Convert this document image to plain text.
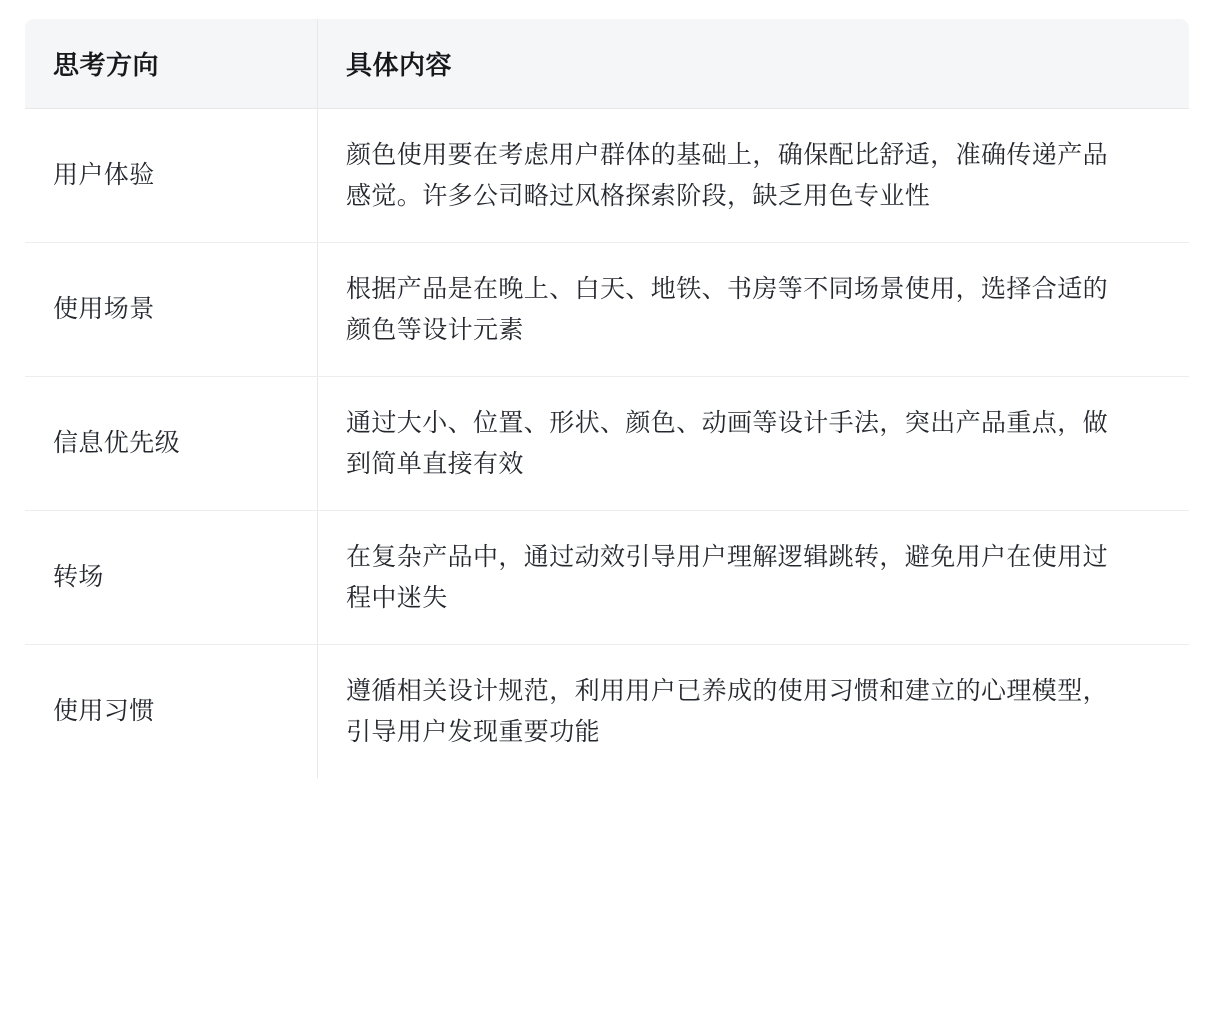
思考方向	具体内容
用户体验	颜色使用要在考虑用户群体的基础上，确保配比舒适，准确传递产品感觉。许多公司略过风格探索阶段，缺乏用色专业性
使用场景	根据产品是在晚上、白天、地铁、书房等不同场景使用，选择合适的颜色等设计元素
信息优先级	通过大小、位置、形状、颜色、动画等设计手法，突出产品重点，做到简单直接有效
转场	在复杂产品中，通过动效引导用户理解逻辑跳转，避免用户在使用过程中迷失
使用习惯	遵循相关设计规范，利用用户已养成的使用习惯和建立的心理模型，引导用户发现重要功能
